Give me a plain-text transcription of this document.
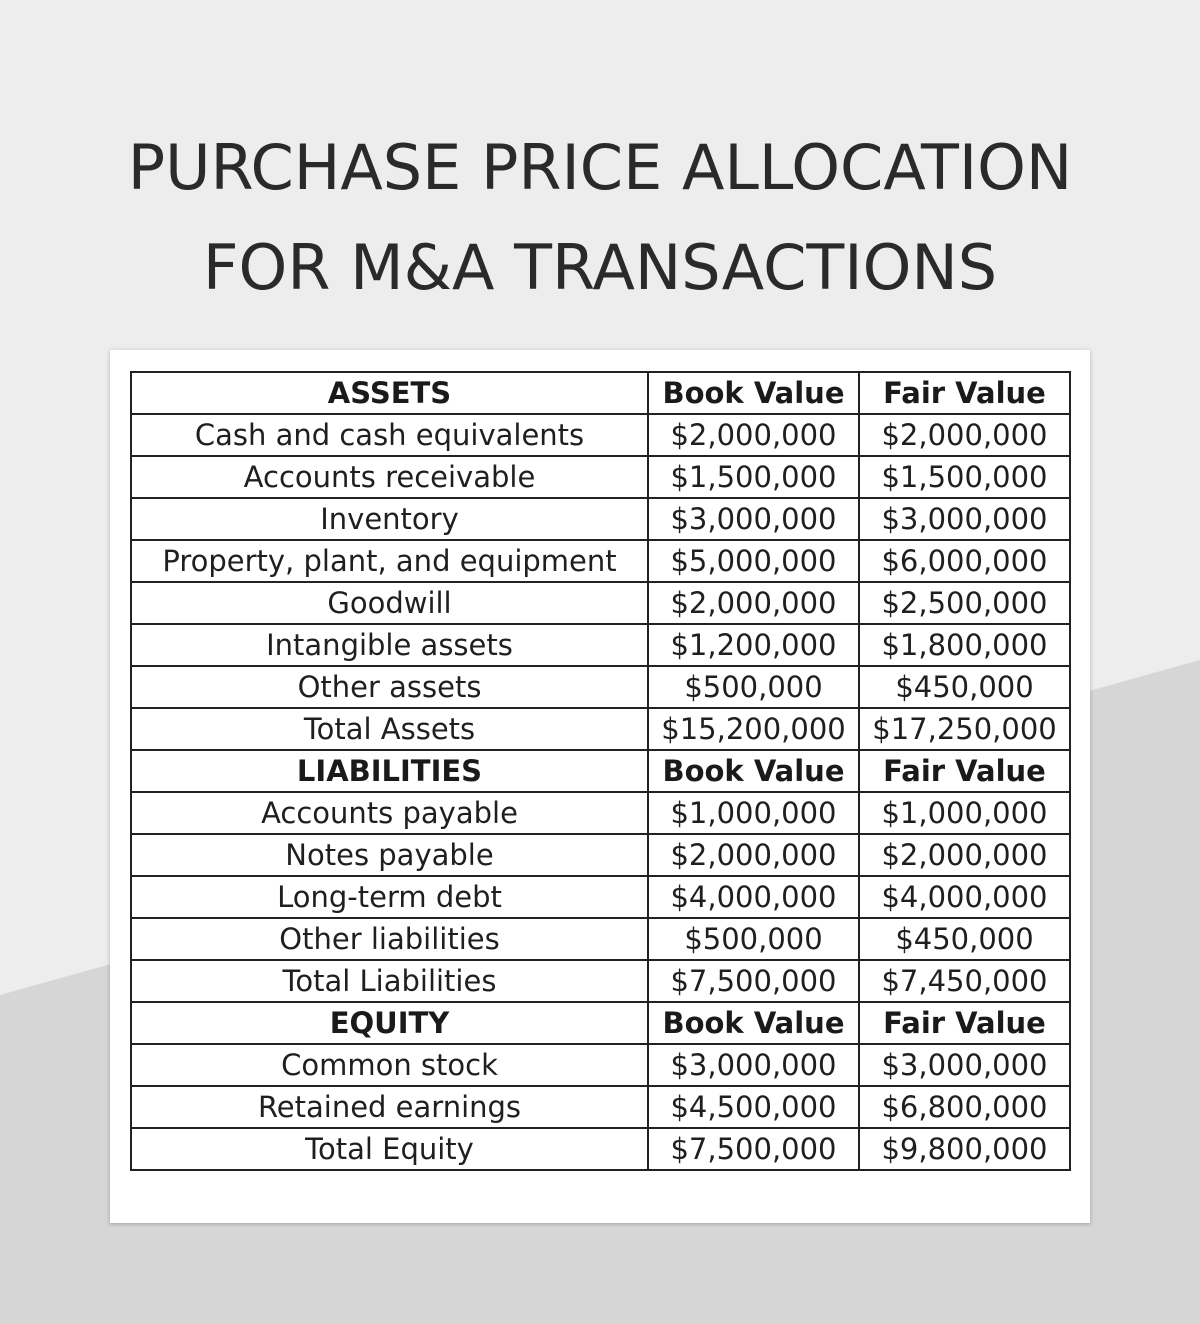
PURCHASE PRICE ALLOCATION
FOR M&A TRANSACTIONS
ASSETS	Book Value	Fair Value
Cash and cash equivalents	$2,000,000	$2,000,000
Accounts receivable	$1,500,000	$1,500,000
Inventory	$3,000,000	$3,000,000
Property, plant, and equipment	$5,000,000	$6,000,000
Goodwill	$2,000,000	$2,500,000
Intangible assets	$1,200,000	$1,800,000
Other assets	$500,000	$450,000
Total Assets	$15,200,000	$17,250,000
LIABILITIES	Book Value	Fair Value
Accounts payable	$1,000,000	$1,000,000
Notes payable	$2,000,000	$2,000,000
Long-term debt	$4,000,000	$4,000,000
Other liabilities	$500,000	$450,000
Total Liabilities	$7,500,000	$7,450,000
EQUITY	Book Value	Fair Value
Common stock	$3,000,000	$3,000,000
Retained earnings	$4,500,000	$6,800,000
Total Equity	$7,500,000	$9,800,000
